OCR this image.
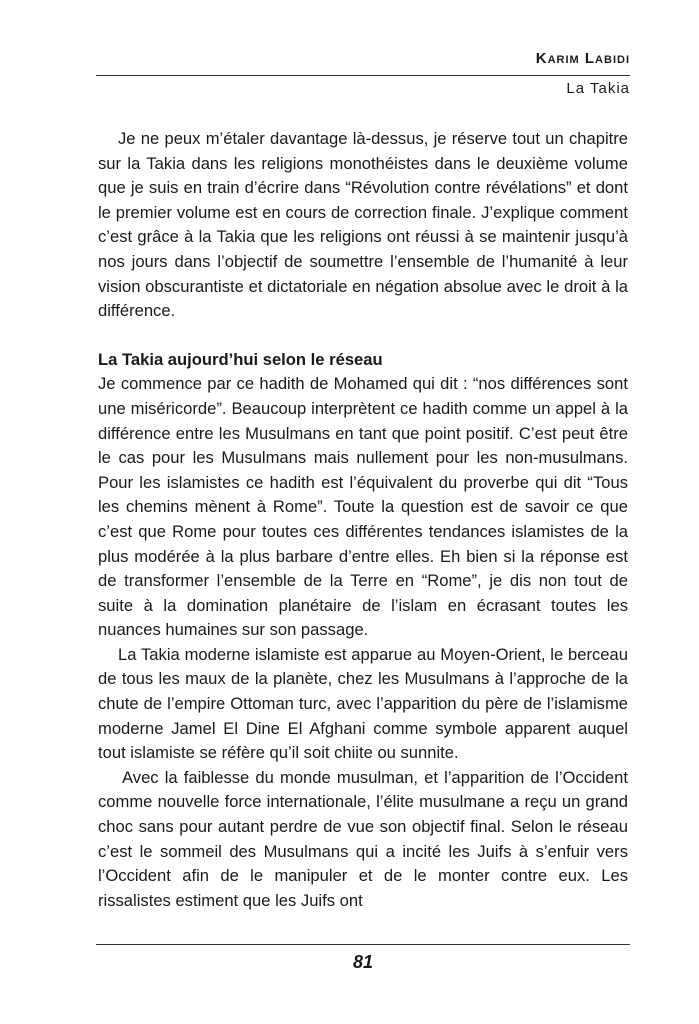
Karim Labidi
La Takia

Je ne peux m’étaler davantage là-dessus, je réserve tout un chapitre sur la Takia dans les religions monothéistes dans le deuxième volume que je suis en train d’écrire dans “Révolution contre révélations” et dont le premier volume est en cours de correction finale. J’explique comment c’est grâce à la Takia que les religions ont réussi à se maintenir jusqu’à nos jours dans l’objectif de soumettre l’ensemble de l’humanité à leur vision obscurantiste et dictatoriale en négation absolue avec le droit à la différence.

La Takia aujourd’hui selon le réseau

Je commence par ce hadith de Mohamed qui dit : “nos différences sont une miséricorde”. Beaucoup interprètent ce hadith comme un appel à la différence entre les Musulmans en tant que point positif. C’est peut être le cas pour les Musulmans mais nullement pour les non-musulmans. Pour les islamistes ce hadith est l’équivalent du proverbe qui dit “Tous les chemins mènent à Rome”. Toute la question est de savoir ce que c’est que Rome pour toutes ces différentes tendances islamistes de la plus modérée à la plus barbare d’entre elles. Eh bien si la réponse est de transformer l’ensemble de la Terre en “Rome”, je dis non tout de suite à la domination planétaire de l’islam en écrasant toutes les nuances humaines sur son passage.

La Takia moderne islamiste est apparue au Moyen-Orient, le berceau de tous les maux de la planète, chez les Musulmans à l’approche de la chute de l’empire Ottoman turc, avec l’apparition du père de l’islamisme moderne Jamel El Dine El Afghani comme symbole apparent auquel tout islamiste se réfère qu’il soit chiite ou sunnite.

Avec la faiblesse du monde musulman, et l’apparition de l’Occident comme nouvelle force internationale, l’élite musulmane a reçu un grand choc sans pour autant perdre de vue son objectif final. Selon le réseau c’est le sommeil des Musulmans qui a incité les Juifs à s’enfuir vers l’Occident afin de le manipuler et de le monter contre eux. Les rissalistes estiment que les Juifs ont

81
